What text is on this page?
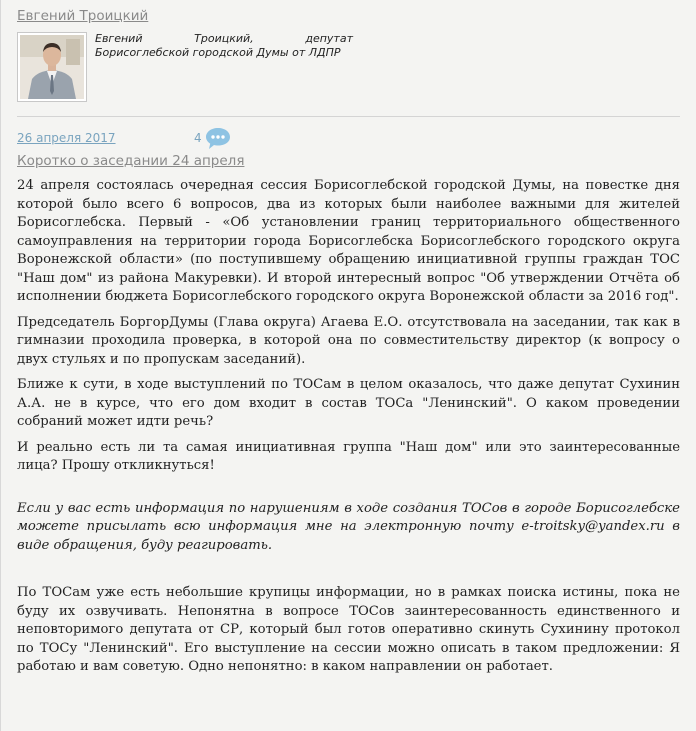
Евгений Троицкий
Евгений Троицкий, депутат Борисоглебской городской Думы от ЛДПР
26 апреля 2017	4
Коротко о заседании 24 апреля

24 апреля состоялась очередная сессия Борисоглебской городской Думы, на повестке дня которой было всего 6 вопросов, два из которых были наиболее важными для жителей Борисоглебска. Первый - «Об установлении границ территориального общественного самоуправления на территории города Борисоглебска Борисоглебского городского округа Воронежской области» (по поступившему обращению инициативной группы граждан ТОС "Наш дом" из района Макуревки). И второй интересный вопрос "Об утверждении Отчёта об исполнении бюджета Борисоглебского городского округа Воронежской области за 2016 год".

Председатель БоргорДумы (Глава округа) Агаева Е.О. отсутствовала на заседании, так как в гимназии проходила проверка, в которой она по совместительству директор (к вопросу о двух стульях и по пропускам заседаний).

Ближе к сути, в ходе выступлений по ТОСам в целом оказалось, что даже депутат Сухинин А.А. не в курсе, что его дом входит в состав ТОСа "Ленинский". О каком проведении собраний может идти речь?

И реально есть ли та самая инициативная группа "Наш дом" или это заинтересованные лица? Прошу откликнуться!

Если у вас есть информация по нарушениям в ходе создания ТОСов в городе Борисоглебске можете присылать всю информация мне на электронную почту e-troitsky@yandex.ru в виде обращения, буду реагировать.

По ТОСам уже есть небольшие крупицы информации, но в рамках поиска истины, пока не буду их озвучивать. Непонятна в вопросе ТОСов заинтересованность единственного и неповторимого депутата от СР, который был готов оперативно скинуть Сухинину протокол по ТОСу "Ленинский". Его выступление на сессии можно описать в таком предложении: Я работаю и вам советую. Одно непонятно: в каком направлении он работает.
